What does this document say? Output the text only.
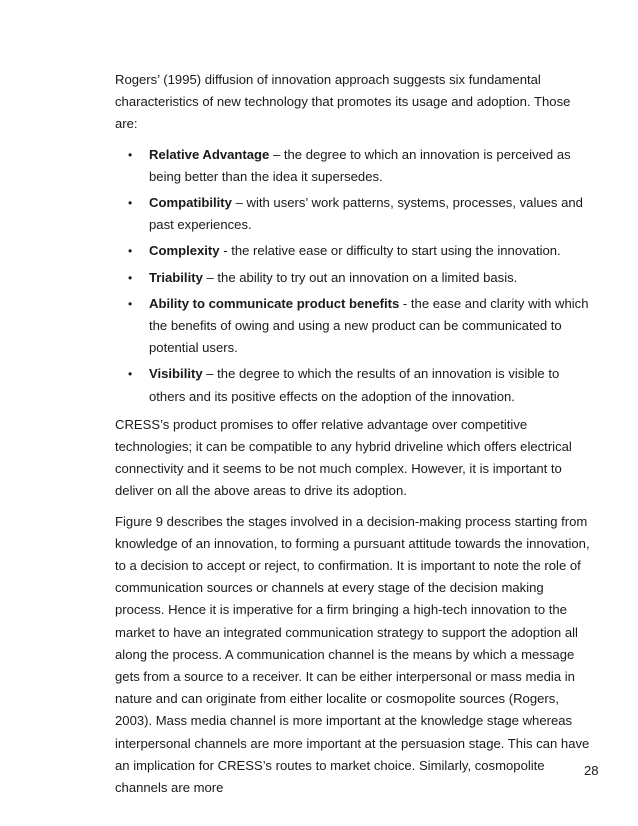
Rogers’ (1995) diffusion of innovation approach suggests six fundamental characteristics of new technology that promotes its usage and adoption. Those are:

• Relative Advantage – the degree to which an innovation is perceived as being better than the idea it supersedes.
• Compatibility – with users’ work patterns, systems, processes, values and past experiences.
• Complexity - the relative ease or difficulty to start using the innovation.
• Triability – the ability to try out an innovation on a limited basis.
• Ability to communicate product benefits - the ease and clarity with which the benefits of owing and using a new product can be communicated to potential users.
• Visibility – the degree to which the results of an innovation is visible to others and its positive effects on the adoption of the innovation.

CRESS’s product promises to offer relative advantage over competitive technologies; it can be compatible to any hybrid driveline which offers electrical connectivity and it seems to be not much complex. However, it is important to deliver on all the above areas to drive its adoption.

Figure 9 describes the stages involved in a decision-making process starting from knowledge of an innovation, to forming a pursuant attitude towards the innovation, to a decision to accept or reject, to confirmation. It is important to note the role of communication sources or channels at every stage of the decision making process. Hence it is imperative for a firm bringing a high-tech innovation to the market to have an integrated communication strategy to support the adoption all along the process. A communication channel is the means by which a message gets from a source to a receiver. It can be either interpersonal or mass media in nature and can originate from either localite or cosmopolite sources (Rogers, 2003). Mass media channel is more important at the knowledge stage whereas interpersonal channels are more important at the persuasion stage. This can have an implication for CRESS’s routes to market choice. Similarly, cosmopolite channels are more

28
